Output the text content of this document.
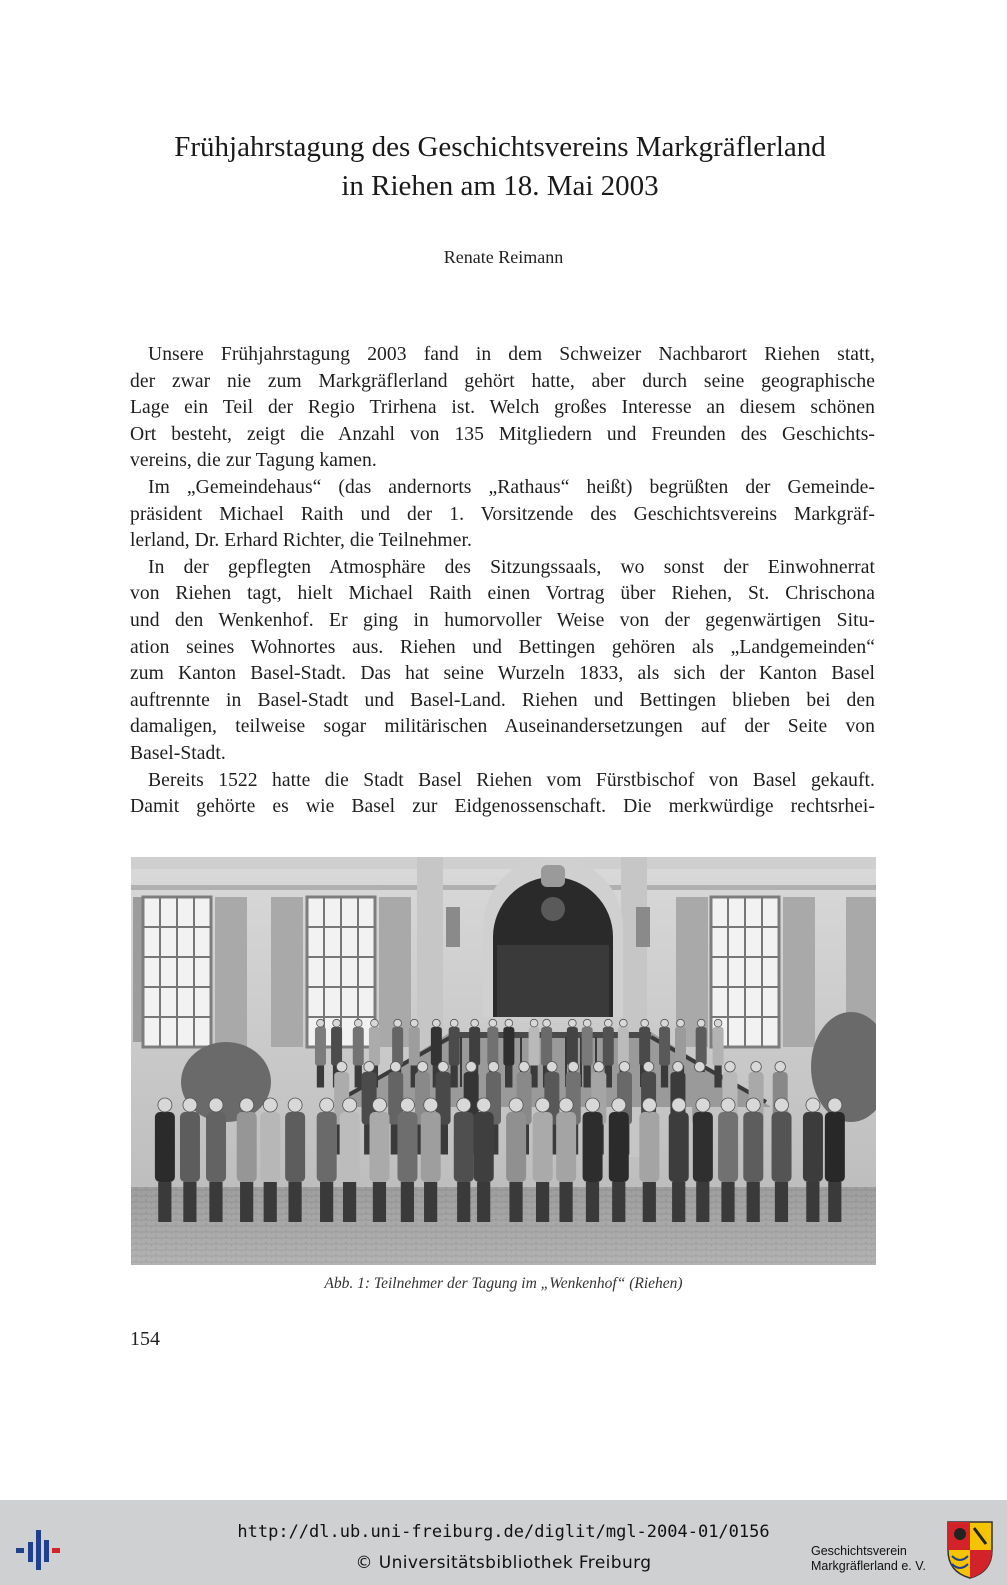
Frühjahrstagung des Geschichtsvereins Markgräflerland
in Riehen am 18. Mai 2003
Renate Reimann

Unsere Frühjahrstagung 2003 fand in dem Schweizer Nachbarort Riehen statt,
der zwar nie zum Markgräflerland gehört hatte, aber durch seine geographische
Lage ein Teil der Regio Trirhena ist. Welch großes Interesse an diesem schönen
Ort besteht, zeigt die Anzahl von 135 Mitgliedern und Freunden des Geschichts-
vereins, die zur Tagung kamen.

Im „Gemeindehaus“ (das andernorts „Rathaus“ heißt) begrüßten der Gemeinde-
präsident Michael Raith und der 1. Vorsitzende des Geschichtsvereins Markgräf-
lerland, Dr. Erhard Richter, die Teilnehmer.

In der gepflegten Atmosphäre des Sitzungssaals, wo sonst der Einwohnerrat
von Riehen tagt, hielt Michael Raith einen Vortrag über Riehen, St. Chrischona
und den Wenkenhof. Er ging in humorvoller Weise von der gegenwärtigen Situ-
ation seines Wohnortes aus. Riehen und Bettingen gehören als „Landgemeinden“
zum Kanton Basel-Stadt. Das hat seine Wurzeln 1833, als sich der Kanton Basel
auftrennte in Basel-Stadt und Basel-Land. Riehen und Bettingen blieben bei den
damaligen, teilweise sogar militärischen Auseinandersetzungen auf der Seite von
Basel-Stadt.

Bereits 1522 hatte die Stadt Basel Riehen vom Fürstbischof von Basel gekauft.
Damit gehörte es wie Basel zur Eidgenossenschaft. Die merkwürdige rechtsrhei-

Abb. 1: Teilnehmer der Tagung im „Wenkenhof“ (Riehen)
154
http://dl.ub.uni-freiburg.de/diglit/mgl-2004-01/0156
© Universitätsbibliothek Freiburg
Geschichtsverein
Markgräflerland e. V.
